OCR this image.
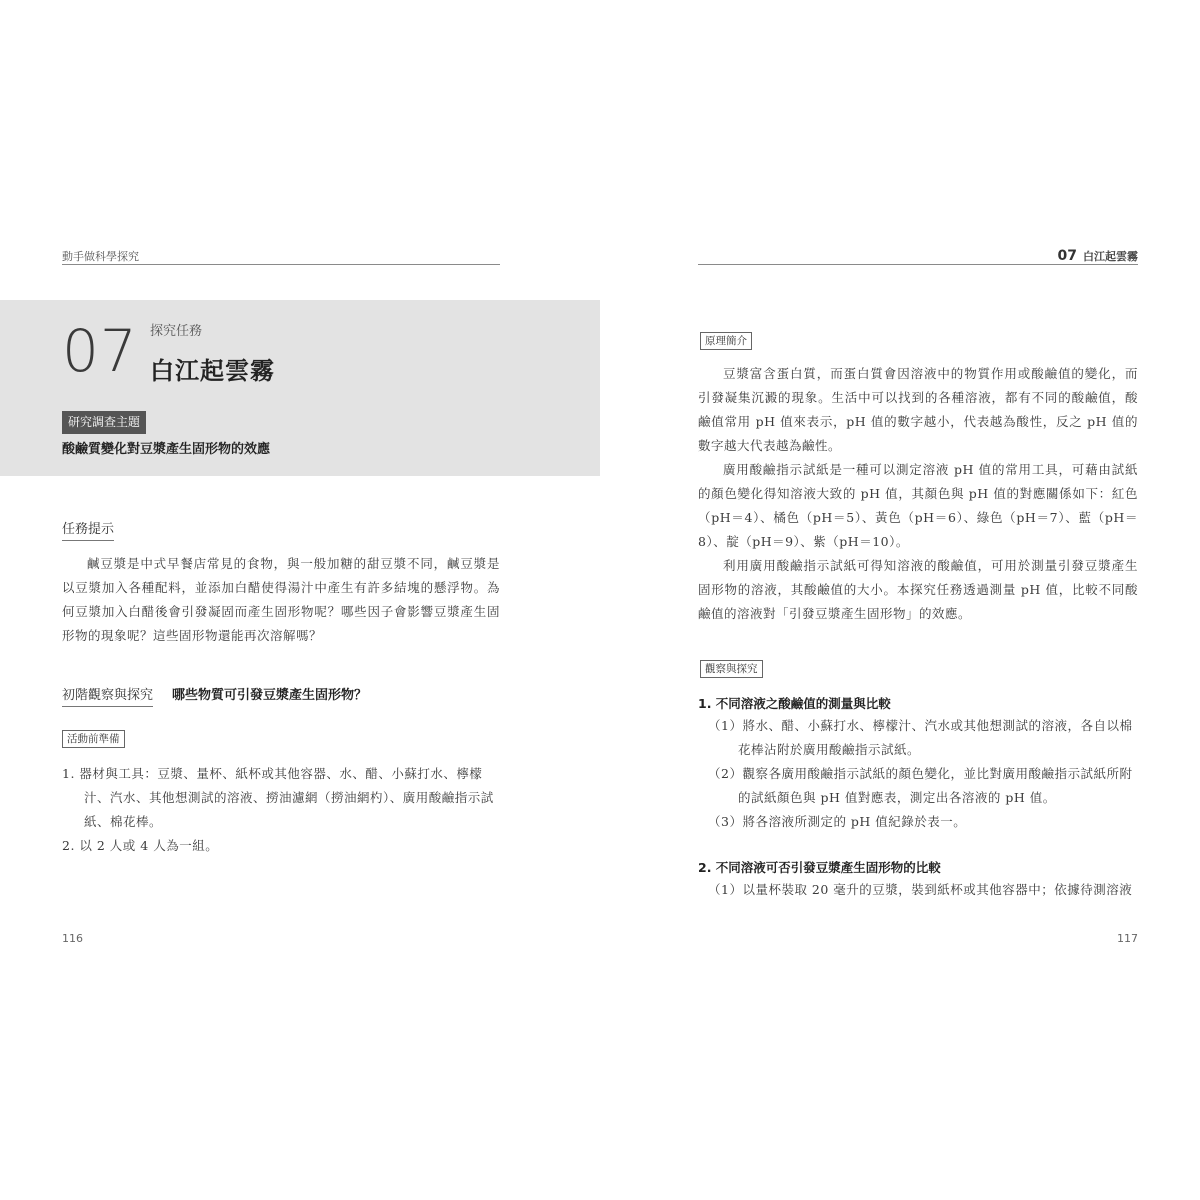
動手做科學探究
07 探究任務
白江起雲霧
研究調查主題
酸鹼質變化對豆漿產生固形物的效應
任務提示

鹹豆漿是中式早餐店常見的食物，與一般加糖的甜豆漿不同，鹹豆漿是以豆漿加入各種配料，並添加白醋使得湯汁中產生有許多結塊的懸浮物。為何豆漿加入白醋後會引發凝固而產生固形物呢？哪些因子會影響豆漿產生固形物的現象呢？這些固形物還能再次溶解嗎？

初階觀察與探究 哪些物質可引發豆漿產生固形物？
活動前準備
1. 器材與工具：豆漿、量杯、紙杯或其他容器、水、醋、小蘇打水、檸檬汁、汽水、其他想測試的溶液、撈油濾網（撈油網杓）、廣用酸鹼指示試紙、棉花棒。
2. 以 2 人或 4 人為一組。
116
07 白江起雲霧
原理簡介

豆漿富含蛋白質，而蛋白質會因溶液中的物質作用或酸鹼值的變化，而引發凝集沉澱的現象。生活中可以找到的各種溶液，都有不同的酸鹼值，酸鹼值常用 pH 值來表示，pH 值的數字越小，代表越為酸性，反之 pH 值的數字越大代表越為鹼性。

廣用酸鹼指示試紙是一種可以測定溶液 pH 值的常用工具，可藉由試紙的顏色變化得知溶液大致的 pH 值，其顏色與 pH 值的對應關係如下：紅色（pH＝4）、橘色（pH＝5）、黃色（pH＝6）、綠色（pH＝7）、藍（pH＝8）、靛（pH＝9）、紫（pH＝10）。

利用廣用酸鹼指示試紙可得知溶液的酸鹼值，可用於測量引發豆漿產生固形物的溶液，其酸鹼值的大小。本探究任務透過測量 pH 值，比較不同酸鹼值的溶液對「引發豆漿產生固形物」的效應。

觀察與探究
1. 不同溶液之酸鹼值的測量與比較
（1）將水、醋、小蘇打水、檸檬汁、汽水或其他想測試的溶液，各自以棉花棒沾附於廣用酸鹼指示試紙。
（2）觀察各廣用酸鹼指示試紙的顏色變化，並比對廣用酸鹼指示試紙所附的試紙顏色與 pH 值對應表，測定出各溶液的 pH 值。
（3）將各溶液所測定的 pH 值紀錄於表一。
2. 不同溶液可否引發豆漿產生固形物的比較
（1）以量杯裝取 20 毫升的豆漿，裝到紙杯或其他容器中；依據待測溶液
117
